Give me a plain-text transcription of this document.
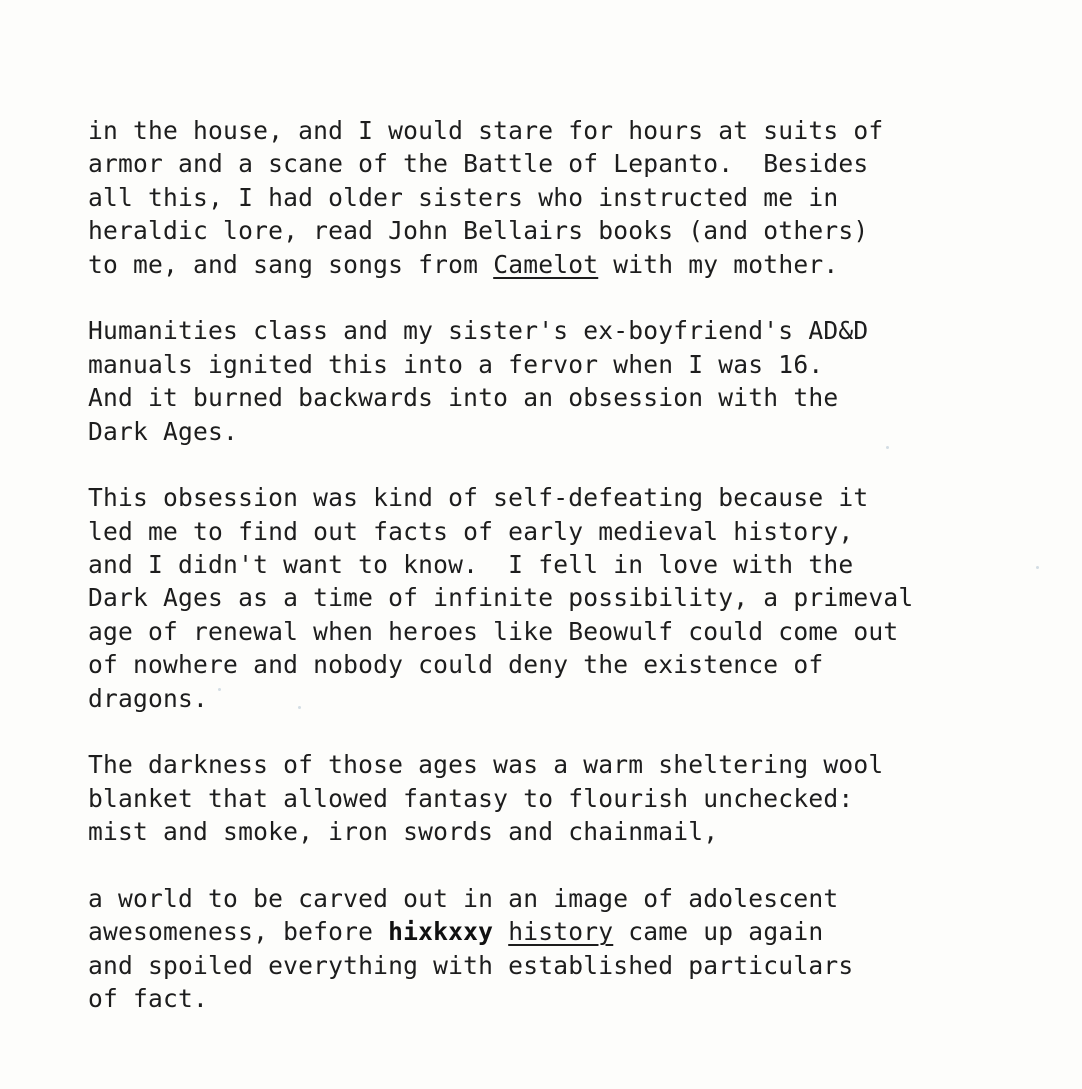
in the house, and I would stare for hours at suits of
armor and a scane of the Battle of Lepanto.  Besides
all this, I had older sisters who instructed me in
heraldic lore, read John Bellairs books (and others)
to me, and sang songs from Camelot with my mother.
Humanities class and my sister's ex-boyfriend's AD&D
manuals ignited this into a fervor when I was 16.
And it burned backwards into an obsession with the
Dark Ages.
This obsession was kind of self-defeating because it
led me to find out facts of early medieval history,
and I didn't want to know.  I fell in love with the
Dark Ages as a time of infinite possibility, a primeval
age of renewal when heroes like Beowulf could come out
of nowhere and nobody could deny the existence of
dragons.
The darkness of those ages was a warm sheltering wool
blanket that allowed fantasy to flourish unchecked:
mist and smoke, iron swords and chainmail,
a world to be carved out in an image of adolescent
awesomeness, before hixkxxy history came up again
and spoiled everything with established particulars
of fact.
